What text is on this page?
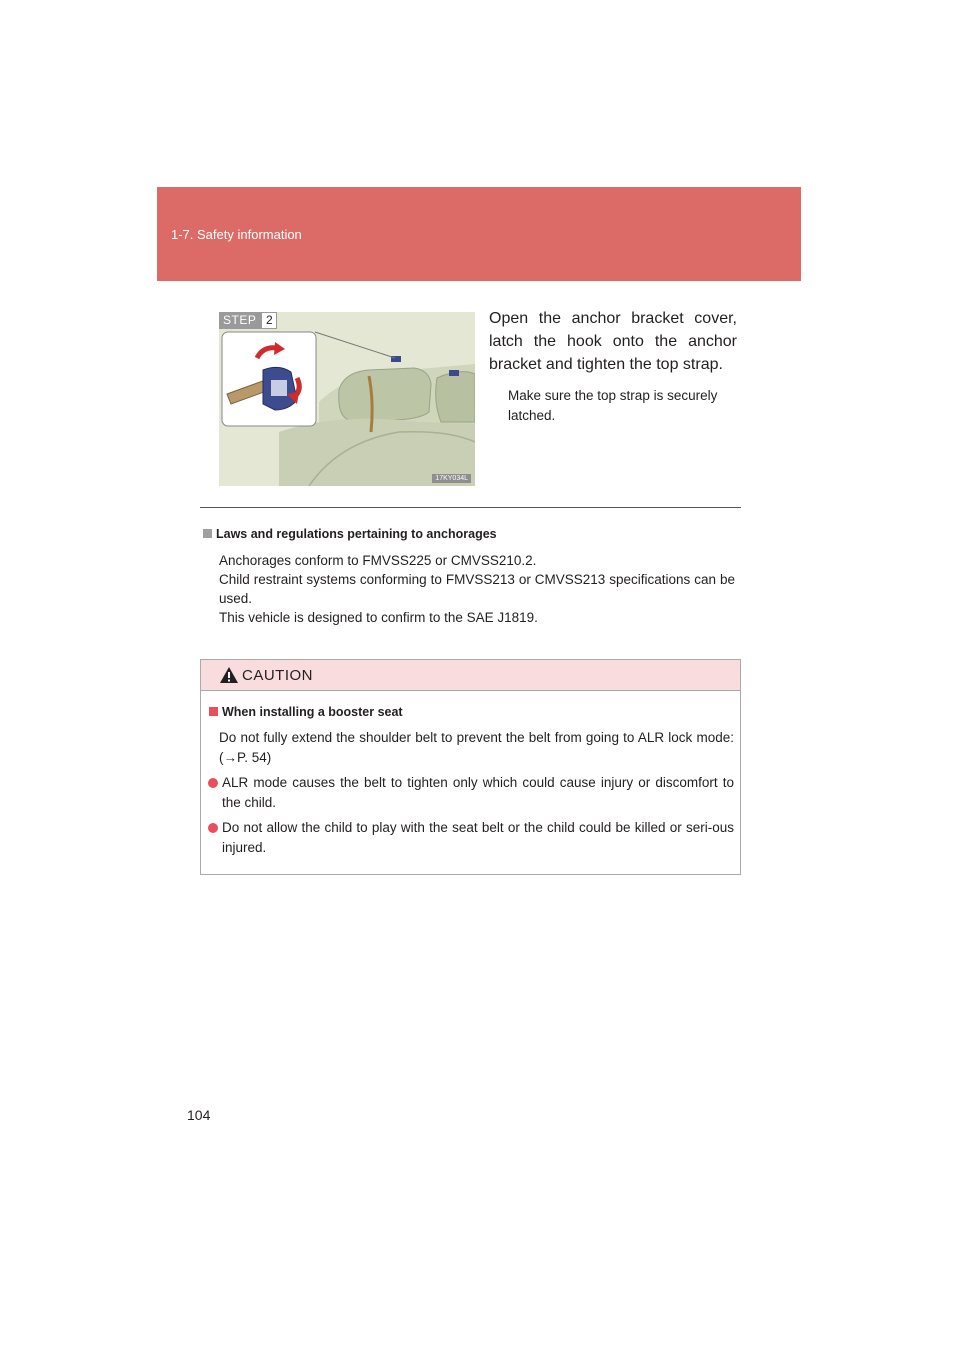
1-7. Safety information
STEP 2
17KY034L
Open the anchor bracket cover, latch the hook onto the anchor bracket and tighten the top strap.
Make sure the top strap is securely latched.
Laws and regulations pertaining to anchorages
Anchorages conform to FMVSS225 or CMVSS210.2.
Child restraint systems conforming to FMVSS213 or CMVSS213 specifications can be used.
This vehicle is designed to confirm to the SAE J1819.
CAUTION
When installing a booster seat
Do not fully extend the shoulder belt to prevent the belt from going to ALR lock mode: (→P. 54)
ALR mode causes the belt to tighten only which could cause injury or discomfort to the child.
Do not allow the child to play with the seat belt or the child could be killed or seri-ous injured.
104
